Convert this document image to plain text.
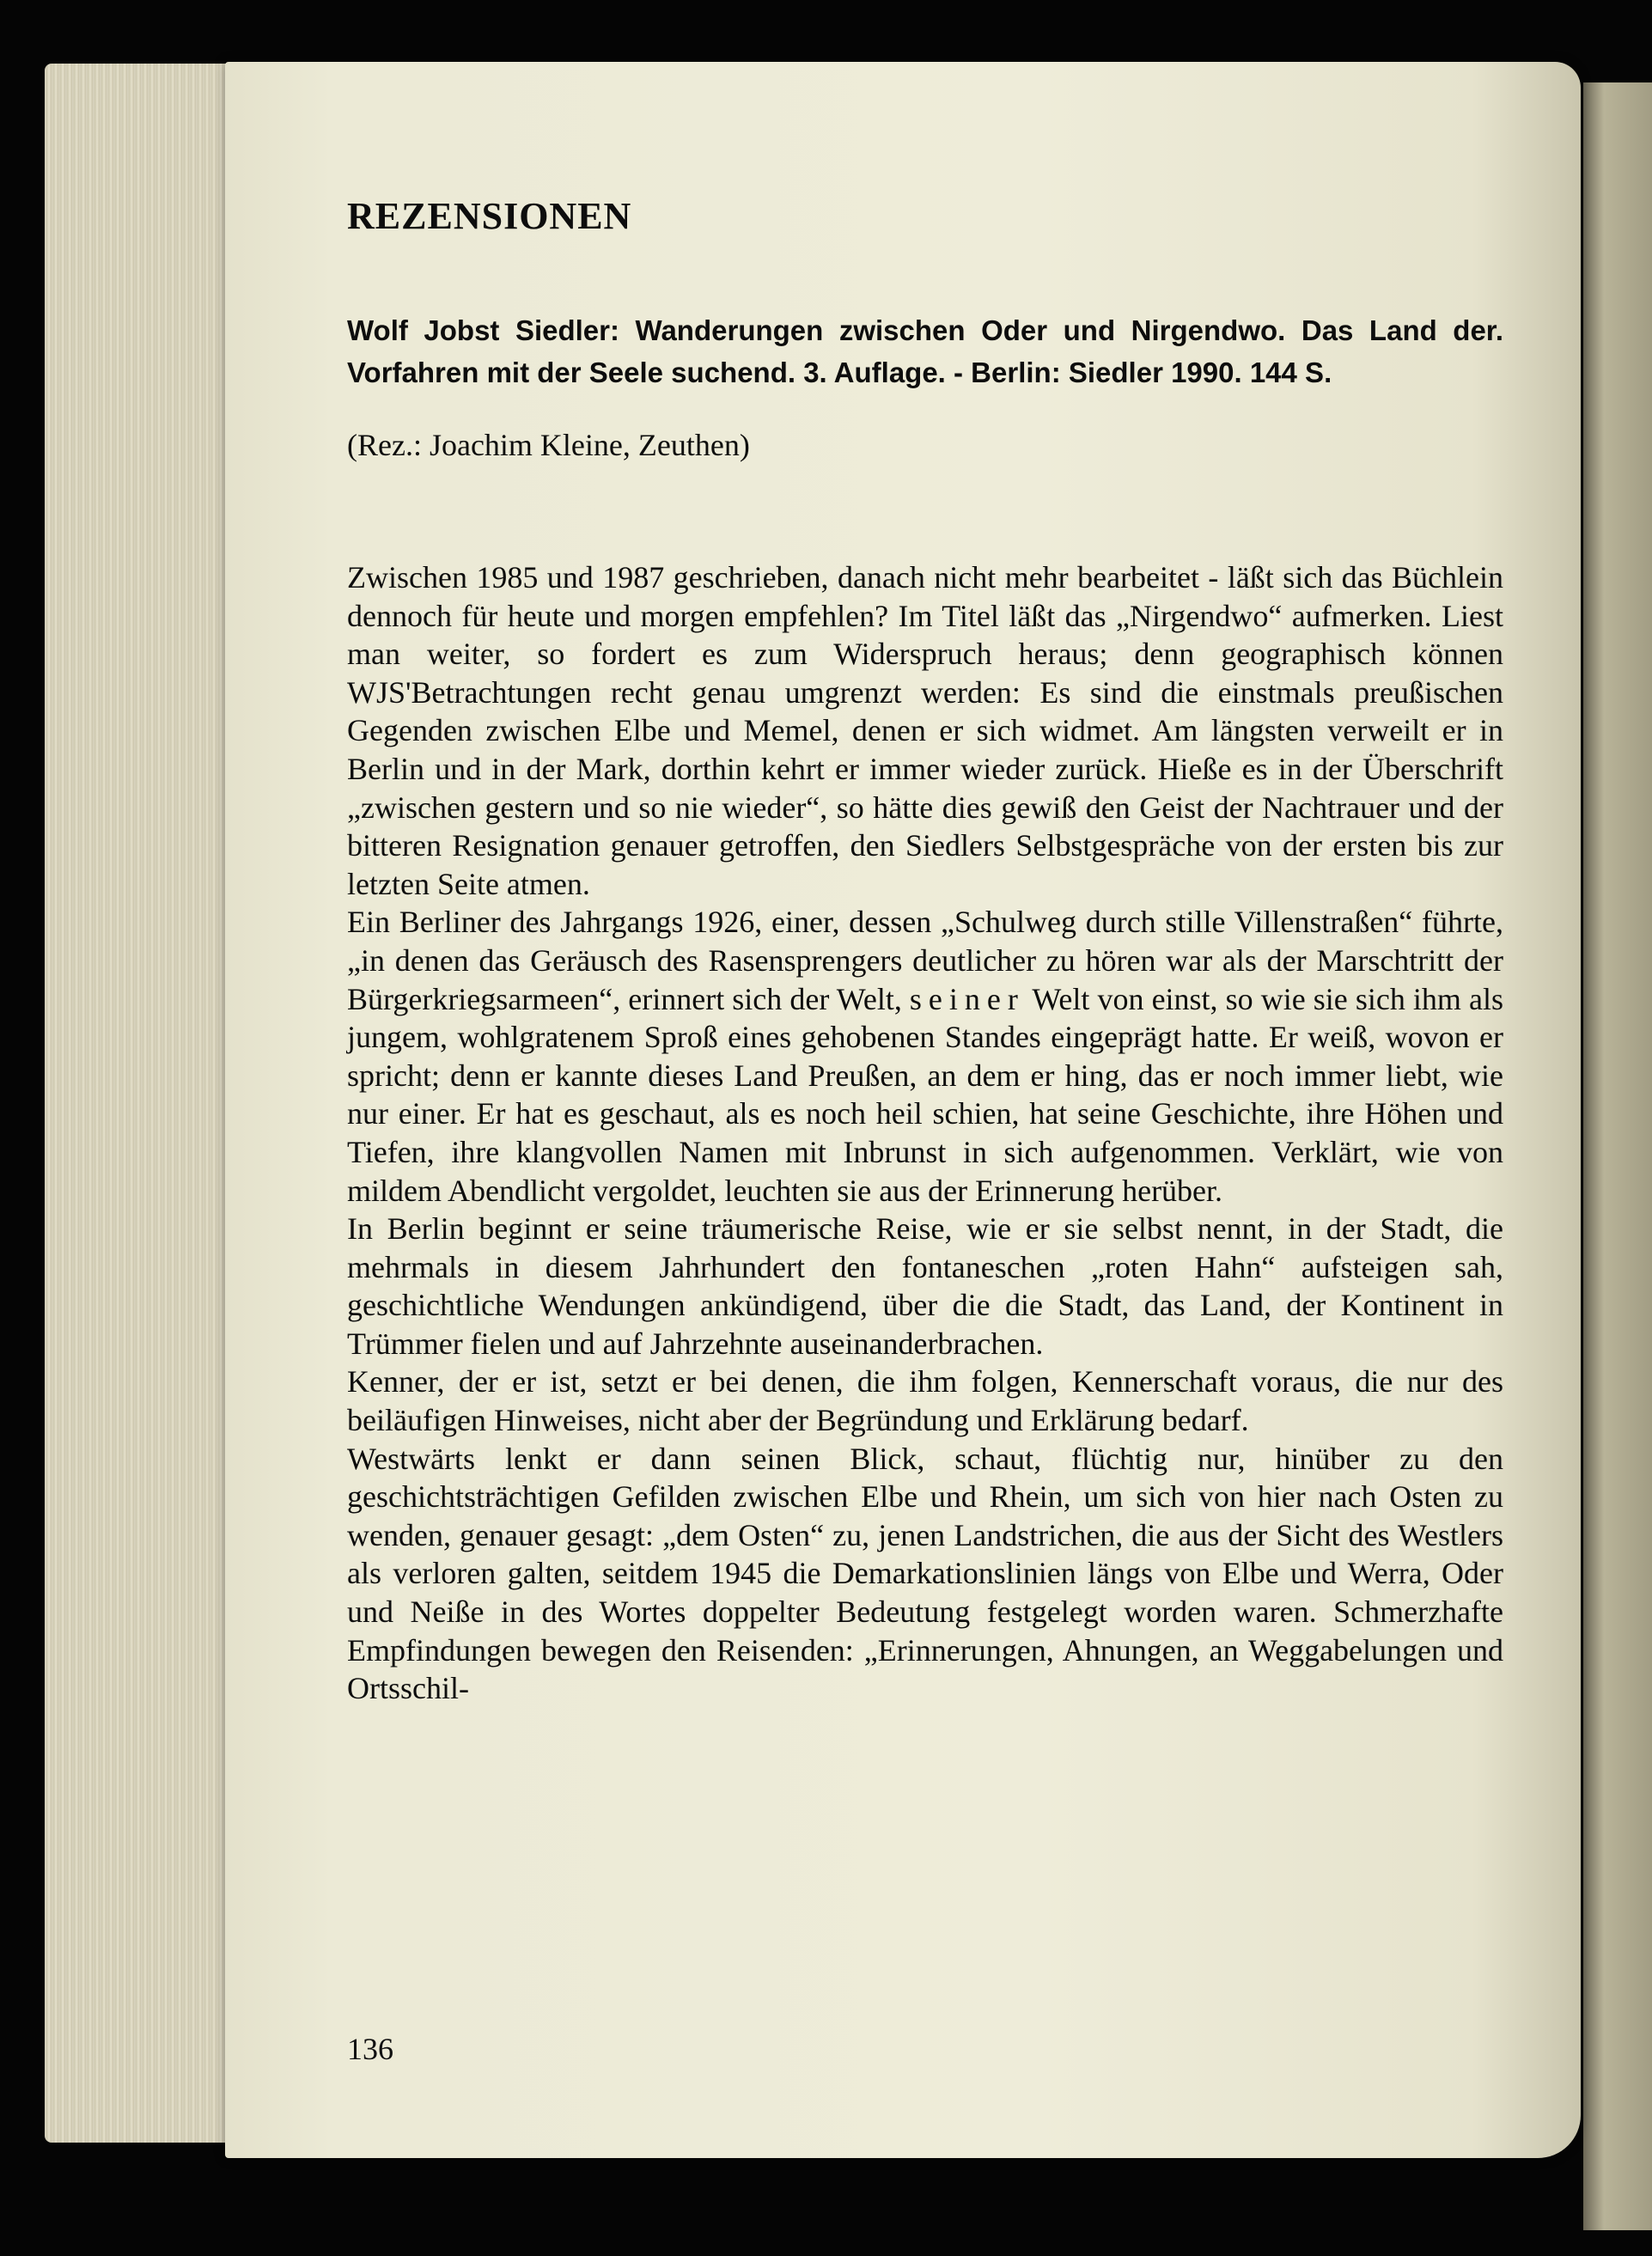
REZENSIONEN

Wolf Jobst Siedler: Wanderungen zwischen Oder und Nirgendwo. Das Land der. Vorfahren mit der Seele suchend. 3. Auflage. - Berlin: Siedler 1990. 144 S.

(Rez.: Joachim Kleine, Zeuthen)

Zwischen 1985 und 1987 geschrieben, danach nicht mehr bearbeitet - läßt sich das Büchlein dennoch für heute und morgen empfehlen? Im Titel läßt das „Nirgendwo“ aufmerken. Liest man weiter, so fordert es zum Widerspruch heraus; denn geographisch können WJS'Betrachtungen recht genau umgrenzt werden: Es sind die einstmals preußischen Gegenden zwischen Elbe und Memel, denen er sich widmet. Am längsten verweilt er in Berlin und in der Mark, dorthin kehrt er immer wieder zurück. Hieße es in der Überschrift „zwischen gestern und so nie wieder“, so hätte dies gewiß den Geist der Nachtrauer und der bitteren Resignation genauer getroffen, den Siedlers Selbstgespräche von der ersten bis zur letzten Seite atmen.

Ein Berliner des Jahrgangs 1926, einer, dessen „Schulweg durch stille Villenstraßen“ führte, „in denen das Geräusch des Rasensprengers deutlicher zu hören war als der Marschtritt der Bürgerkriegsarmeen“, erinnert sich der Welt, seiner Welt von einst, so wie sie sich ihm als jungem, wohlgratenem Sproß eines gehobenen Standes eingeprägt hatte. Er weiß, wovon er spricht; denn er kannte dieses Land Preußen, an dem er hing, das er noch immer liebt, wie nur einer. Er hat es geschaut, als es noch heil schien, hat seine Geschichte, ihre Höhen und Tiefen, ihre klangvollen Namen mit Inbrunst in sich aufgenommen. Verklärt, wie von mildem Abendlicht vergoldet, leuchten sie aus der Erinnerung herüber.

In Berlin beginnt er seine träumerische Reise, wie er sie selbst nennt, in der Stadt, die mehrmals in diesem Jahrhundert den fontaneschen „roten Hahn“ aufsteigen sah, geschichtliche Wendungen ankündigend, über die die Stadt, das Land, der Kontinent in Trümmer fielen und auf Jahrzehnte auseinanderbrachen.

Kenner, der er ist, setzt er bei denen, die ihm folgen, Kennerschaft voraus, die nur des beiläufigen Hinweises, nicht aber der Begründung und Erklärung bedarf.

Westwärts lenkt er dann seinen Blick, schaut, flüchtig nur, hinüber zu den geschichtsträchtigen Gefilden zwischen Elbe und Rhein, um sich von hier nach Osten zu wenden, genauer gesagt: „dem Osten“ zu, jenen Landstrichen, die aus der Sicht des Westlers als verloren galten, seitdem 1945 die Demarkationslinien längs von Elbe und Werra, Oder und Neiße in des Wortes doppelter Bedeutung festgelegt worden waren. Schmerzhafte Empfindungen bewegen den Reisenden: „Erinnerungen, Ahnungen, an Weggabelungen und Ortsschil-

136
